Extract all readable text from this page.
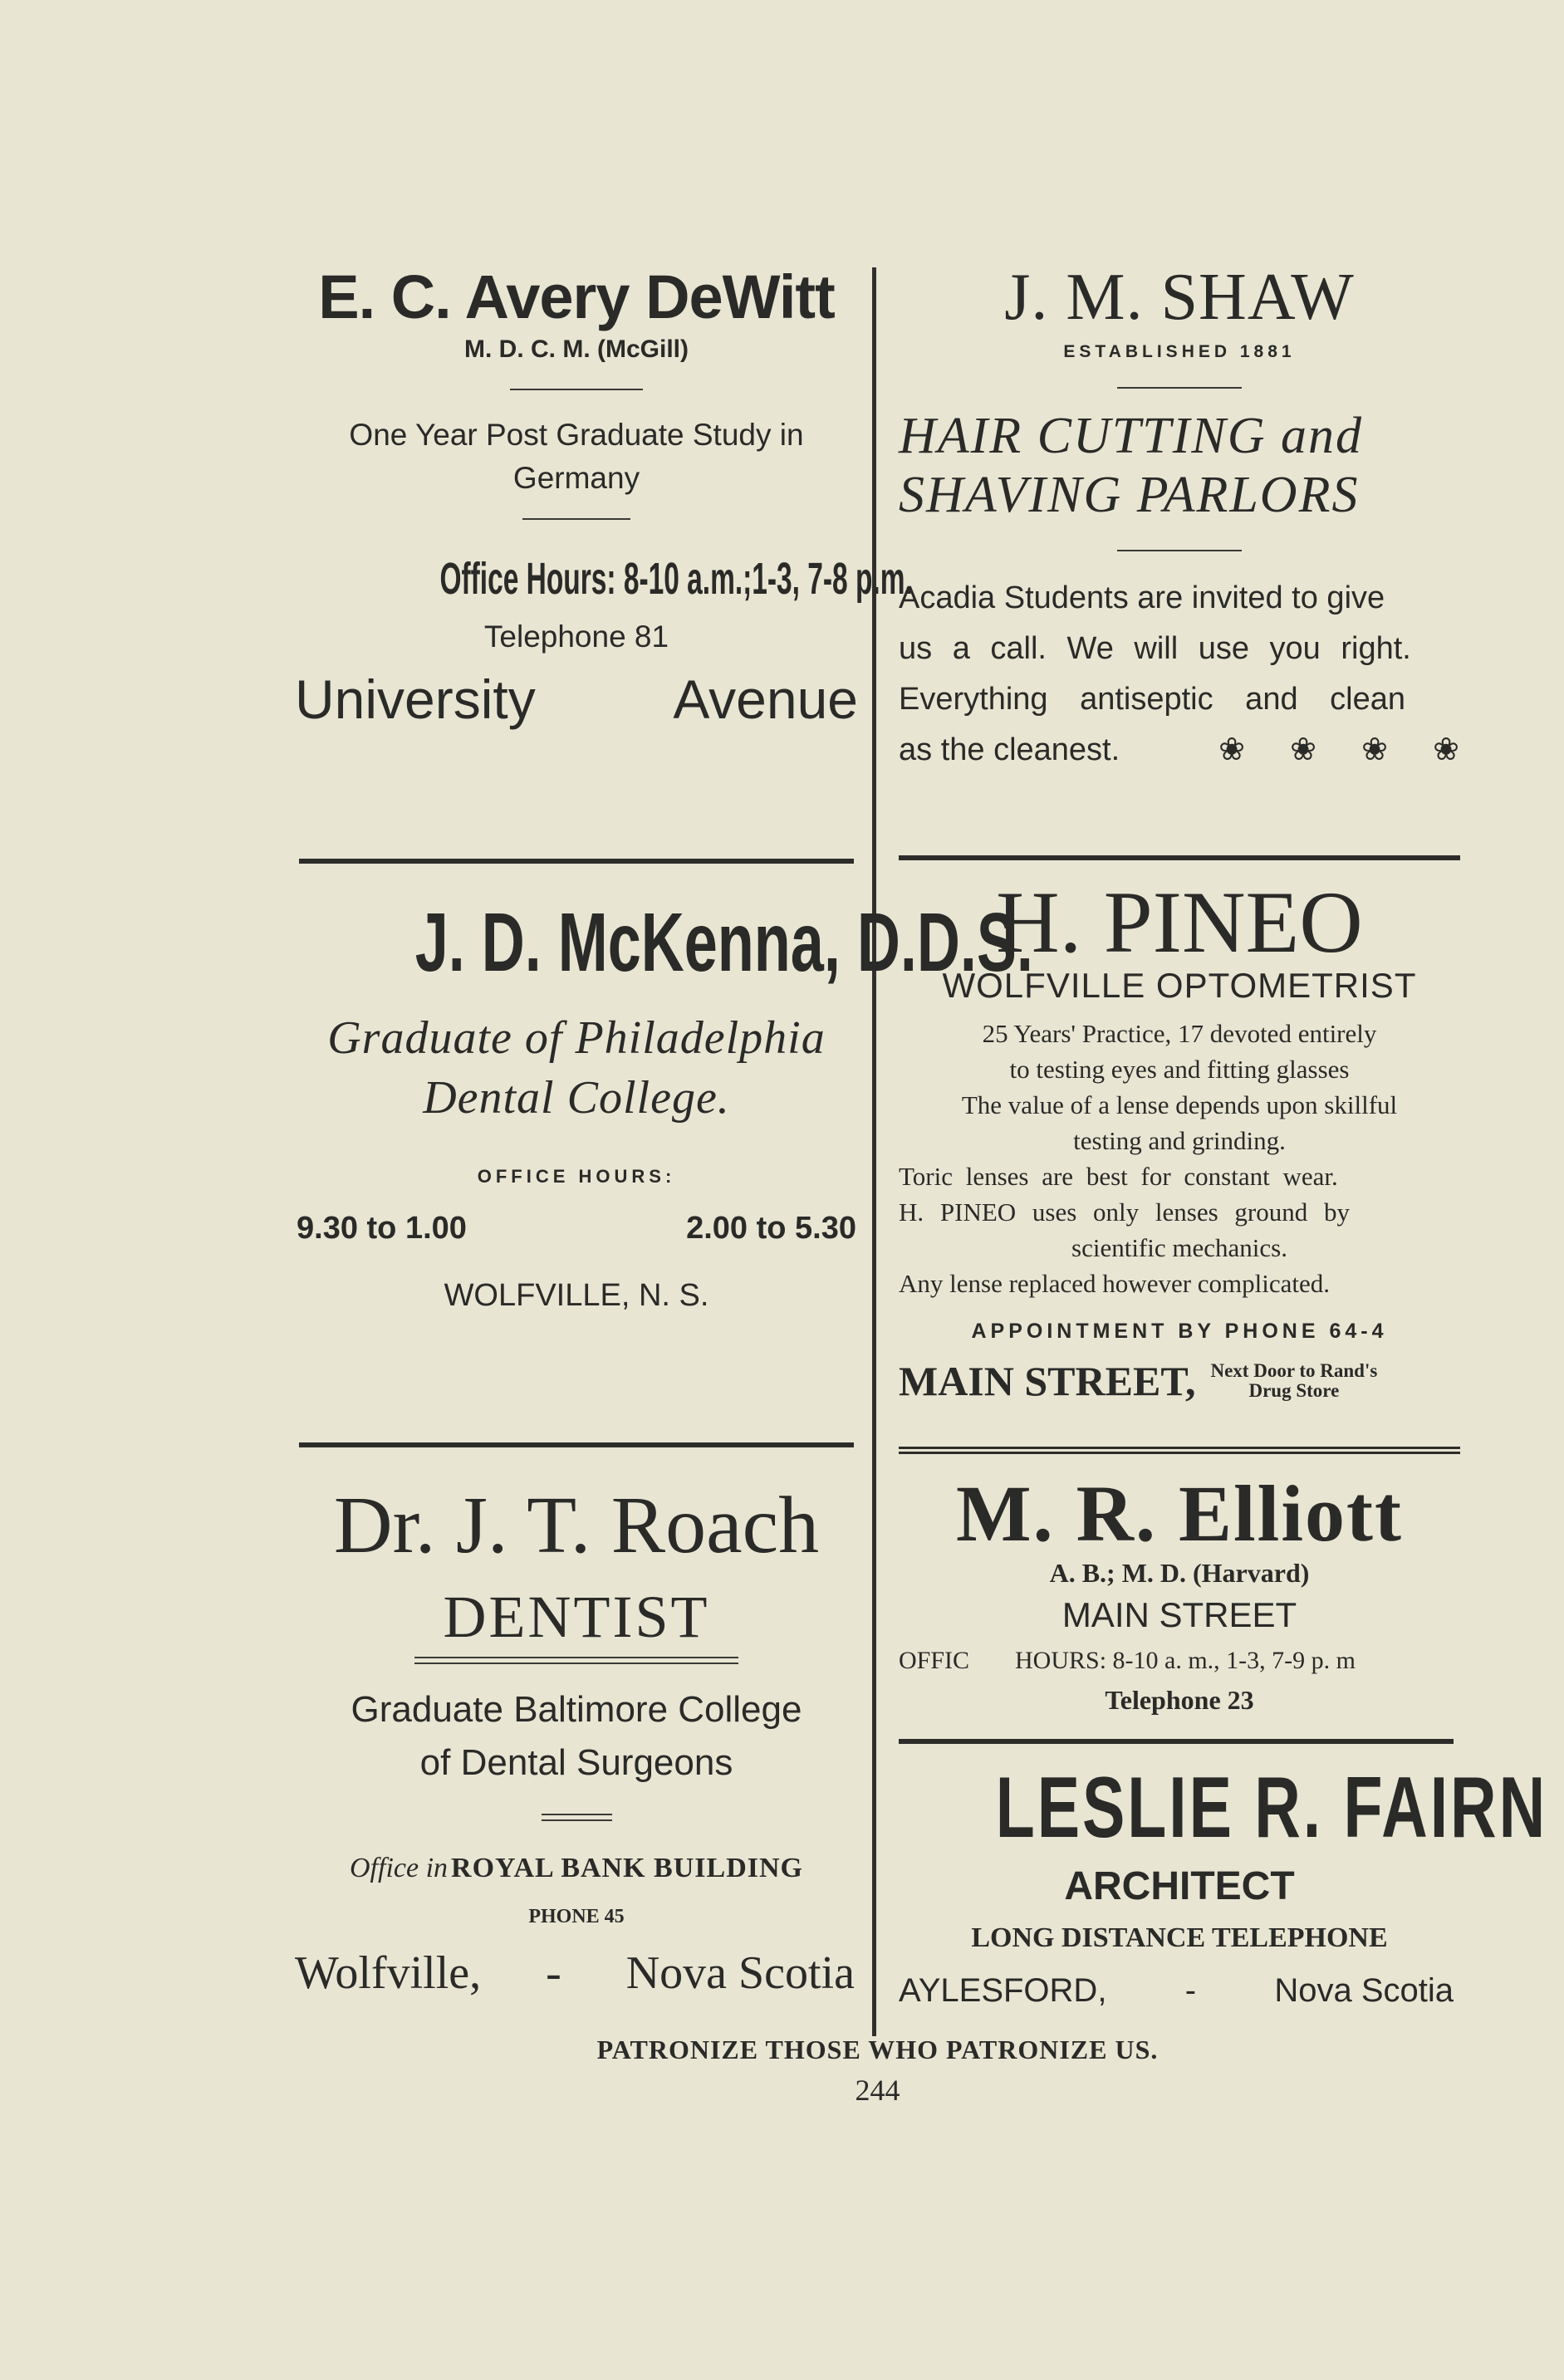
E. C. Avery DeWitt
M. D. C. M. (McGill)
One Year Post Graduate Study in Germany
Office Hours: 8-10 a.m.;1-3, 7-8 p.m.
Telephone 81
University	Avenue
J. D. McKenna, D.D.S.
Graduate of Philadelphia
Dental College.
OFFICE HOURS:
9.30 to 1.00	2.00 to 5.30
WOLFVILLE, N. S.
Dr. J. T. Roach
DENTIST
Graduate Baltimore College
of Dental Surgeons
Office in ROYAL BANK BUILDING
PHONE 45
Wolfville, - Nova Scotia
J. M. SHAW
ESTABLISHED 1881
HAIR CUTTING and
SHAVING PARLORS
Acadia Students are invited to give
us a call. We will use you right.
Everything antiseptic and clean
as the cleanest.	❀ ❀ ❀ ❀
H. PINEO
WOLFVILLE OPTOMETRIST
25 Years' Practice, 17 devoted entirely
to testing eyes and fitting glasses
The value of a lense depends upon skillful
testing and grinding.
Toric lenses are best for constant wear.
H. PINEO uses only lenses ground by
scientific mechanics.
Any lense replaced however complicated.
APPOINTMENT BY PHONE 64-4
MAIN STREET, Next Door to Rand's
Drug Store
M. R. Elliott
A. B.; M. D. (Harvard)
MAIN STREET
OFFIC	HOURS: 8-10 a. m., 1-3, 7-9 p. m
Telephone 23
LESLIE R. FAIRN
ARCHITECT
LONG DISTANCE TELEPHONE
AYLESFORD, - Nova Scotia
PATRONIZE THOSE WHO PATRONIZE US.
244
